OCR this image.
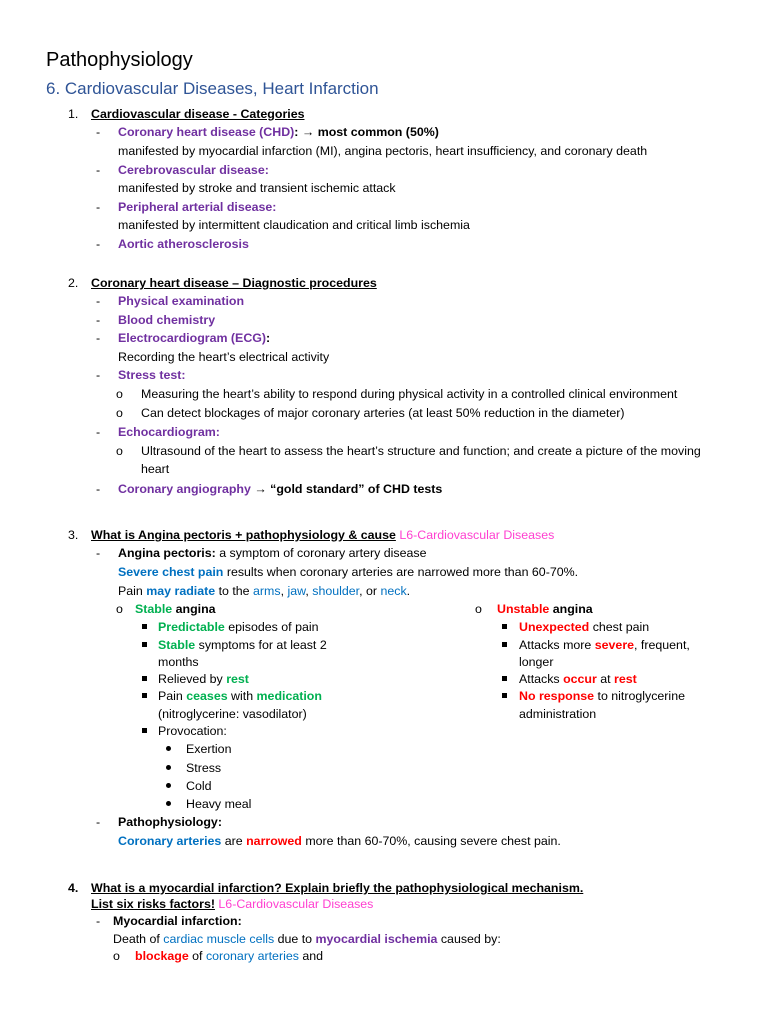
Pathophysiology
6. Cardiovascular Diseases, Heart Infarction
1. Cardiovascular disease - Categories
- Coronary heart disease (CHD): → most common (50%)
manifested by myocardial infarction (MI), angina pectoris, heart insufficiency, and coronary death
- Cerebrovascular disease:
manifested by stroke and transient ischemic attack
- Peripheral arterial disease:
manifested by intermittent claudication and critical limb ischemia
- Aortic atherosclerosis
2. Coronary heart disease – Diagnostic procedures
- Physical examination
- Blood chemistry
- Electrocardiogram (ECG):
Recording the heart’s electrical activity
- Stress test:
o Measuring the heart’s ability to respond during physical activity in a controlled clinical environment
o Can detect blockages of major coronary arteries (at least 50% reduction in the diameter)
- Echocardiogram:
o Ultrasound of the heart to assess the heart’s structure and function; and create a picture of the moving
heart
- Coronary angiography → “gold standard” of CHD tests
3. What is Angina pectoris + pathophysiology & cause L6-Cardiovascular Diseases
- Angina pectoris: a symptom of coronary artery disease
Severe chest pain results when coronary arteries are narrowed more than 60-70%.
Pain may radiate to the arms, jaw, shoulder, or neck.
o Stable angina
Predictable episodes of pain
Stable symptoms for at least 2
months
Relieved by rest
Pain ceases with medication
(nitroglycerine: vasodilator)
Provocation:
Exertion
Stress
Cold
Heavy meal
o Unstable angina
Unexpected chest pain
Attacks more severe, frequent,
longer
Attacks occur at rest
No response to nitroglycerine
administration
- Pathophysiology:
Coronary arteries are narrowed more than 60-70%, causing severe chest pain.
4. What is a myocardial infarction? Explain briefly the pathophysiological mechanism.
List six risks factors! L6-Cardiovascular Diseases
- Myocardial infarction:
Death of cardiac muscle cells due to myocardial ischemia caused by:
o blockage of coronary arteries and
